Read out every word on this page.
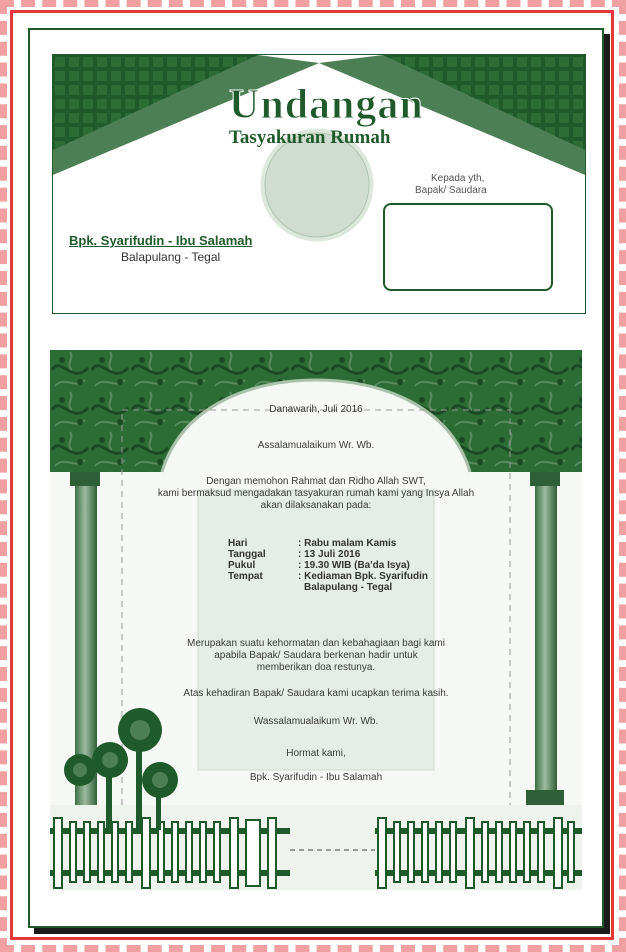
Undangan
Tasyakuran Rumah
Bpk. Syarifudin - Ibu Salamah
Balapulang - Tegal
Kepada yth,
Bapak/ Saudara
Danawarih, Juli 2016
Assalamualaikum Wr. Wb.
Dengan memohon Rahmat dan Ridho Allah SWT,
kami bermaksud mengadakan tasyakuran rumah kami yang Insya Allah
akan dilaksanakan pada:
Hari	: Rabu malam Kamis
Tanggal	: 13 Juli 2016
Pukul	: 19.30 WIB (Ba'da Isya)
Tempat	: Kediaman Bpk. Syarifudin
Balapulang - Tegal
Merupakan suatu kehormatan dan kebahagiaan bagi kami
apabila Bapak/ Saudara berkenan hadir untuk
memberikan doa restunya.
Atas kehadiran Bapak/ Saudara kami ucapkan terima kasih.
Wassalamualaikum Wr. Wb.
Hormat kami,
Bpk. Syarifudin - Ibu Salamah
